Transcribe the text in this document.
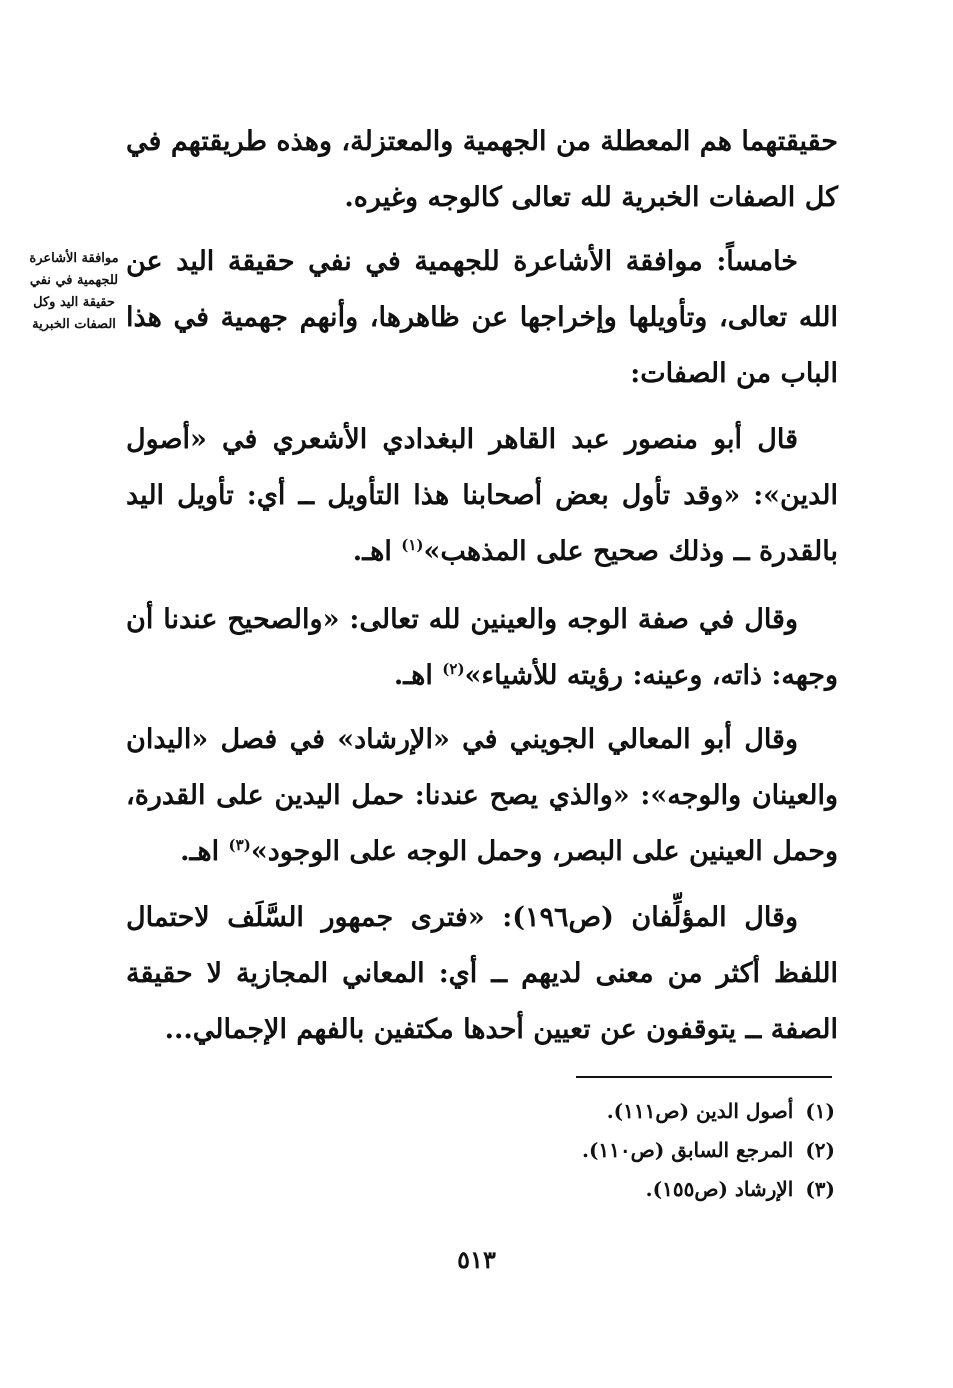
حقيقتهما هم المعطلة من الجهمية والمعتزلة، وهذه طريقتهم في كل الصفات الخبرية لله تعالى كالوجه وغيره.

خامساً: موافقة الأشاعرة للجهمية في نفي حقيقة اليد عن الله تعالى، وتأويلها وإخراجها عن ظاهرها، وأنهم جهمية في هذا الباب من الصفات:

موافقة الأشاعرة
للجهمية في نفي
حقيقة اليد وكل
الصفات الخبرية

قال أبو منصور عبد القاهر البغدادي الأشعري في «أصول الدين»: «وقد تأول بعض أصحابنا هذا التأويل ــ أي: تأويل اليد بالقدرة ــ وذلك صحيح على المذهب»$^{(١)}$ اهـ.

وقال في صفة الوجه والعينين لله تعالى: «والصحيح عندنا أن وجهه: ذاته، وعينه: رؤيته للأشياء»$^{(٢)}$ اهـ.

وقال أبو المعالي الجويني في «الإرشاد» في فصل «اليدان والعينان والوجه»: «والذي يصح عندنا: حمل اليدين على القدرة، وحمل العينين على البصر، وحمل الوجه على الوجود»$^{(٣)}$ اهـ.

وقال المؤلِّفان (ص١٩٦): «فترى جمهور السَّلَف لاحتمال اللفظ أكثر من معنى لديهم ــ أي: المعاني المجازية لا حقيقة الصفة ــ يتوقفون عن تعيين أحدها مكتفين بالفهم الإجمالي...

(١)أصول الدين (ص١١١).
(٢)المرجع السابق (ص١١٠).
(٣)الإرشاد (ص١٥٥).
٥١٣
